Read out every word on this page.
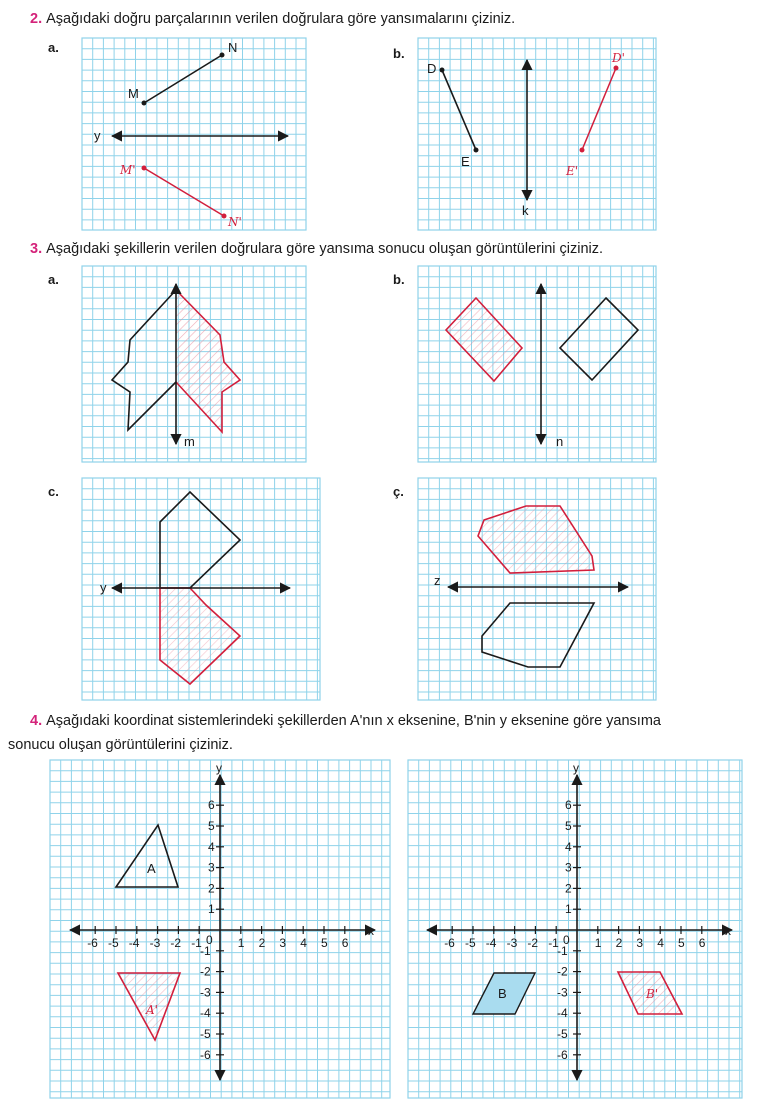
2. Aşağıdaki doğru parçalarının verilen doğrulara göre yansımalarını çiziniz.
a.	b.
3. Aşağıdaki şekillerin verilen doğrulara göre yansıma sonucu oluşan görüntülerini çiziniz.
a.	b.
c.	ç.
4. Aşağıdaki koordinat sistemlerindeki şekillerden A'nın x eksenine, B'nin y eksenine göre yansıma
sonucu oluşan görüntülerini çiziniz.
M
N
y
M'
N'
D
E
k
D'
E'
m	n
y	z
x
y
0
-6 -5 -4 -3 -2 -1	1 2 3 4 5 6
6
5
4
3
2
1
-1
-2
-3
-4
-5
-6
x
y
0
-6 -5 -4 -3 -2 -1	1 2 3 4 5 6
6
5
4
3
2
1
-1
-2
-3
-4
-5
-6
A
A'
B	B'
